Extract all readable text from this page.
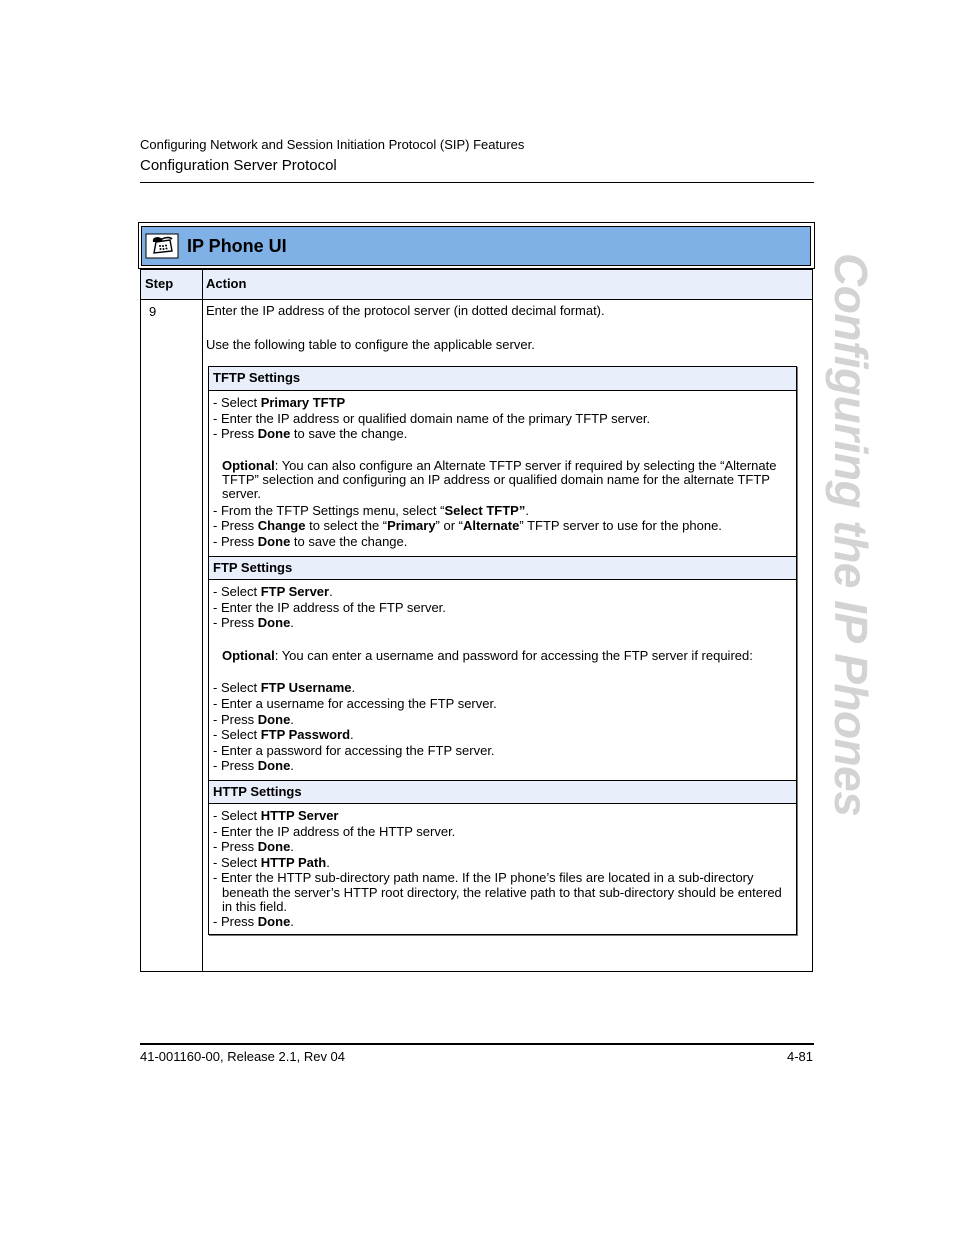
Configuring Network and Session Initiation Protocol (SIP) Features
Configuration Server Protocol
Configuring the IP Phones
IP Phone UI
Step	Action
9	Enter the IP address of the protocol server (in dotted decimal format).
Use the following table to configure the applicable server.
TFTP Settings
- Select Primary TFTP
- Enter the IP address or qualified domain name of the primary TFTP server.
- Press Done to save the change.
Optional: You can also configure an Alternate TFTP server if required by selecting the “Alternate TFTP” selection and configuring an IP address or qualified domain name for the alternate TFTP server.
- From the TFTP Settings menu, select “Select TFTP”.
- Press Change to select the “Primary” or “Alternate” TFTP server to use for the phone.
- Press Done to save the change.
FTP Settings
- Select FTP Server.
- Enter the IP address of the FTP server.
- Press Done.
Optional: You can enter a username and password for accessing the FTP server if required:
- Select FTP Username.
- Enter a username for accessing the FTP server.
- Press Done.
- Select FTP Password.
- Enter a password for accessing the FTP server.
- Press Done.
HTTP Settings
- Select HTTP Server
- Enter the IP address of the HTTP server.
- Press Done.
- Select HTTP Path.
- Enter the HTTP sub-directory path name. If the IP phone’s files are located in a sub-directory
beneath the server’s HTTP root directory, the relative path to that sub-directory should be entered in this field.
- Press Done.
41-001160-00, Release 2.1, Rev 04	4-81
